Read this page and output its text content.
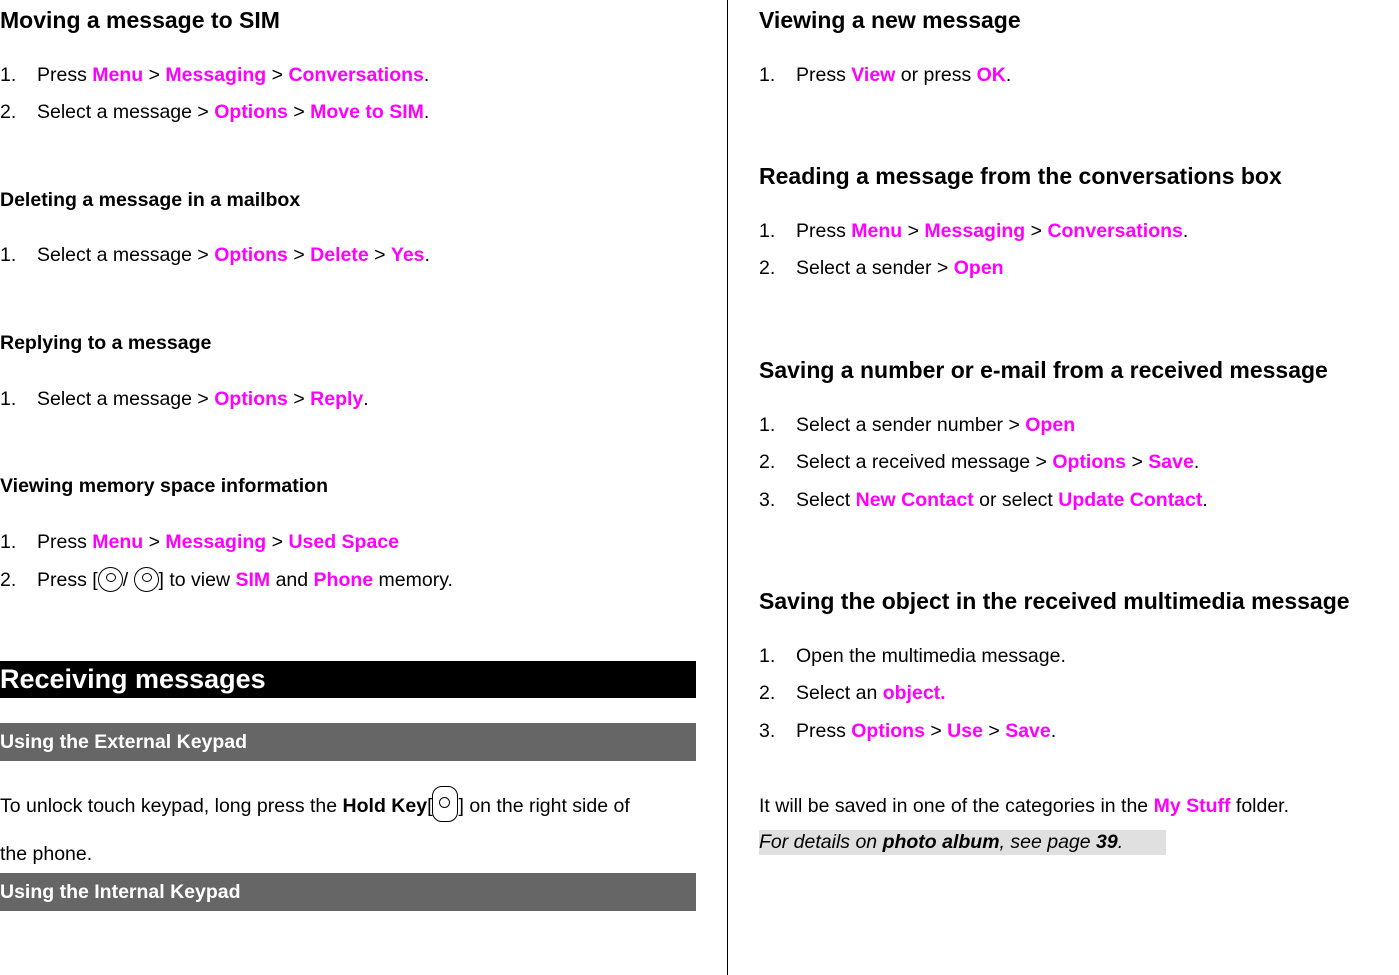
Moving a message to SIM
1. Press Menu > Messaging > Conversations.
2. Select a message > Options > Move to SIM.
Deleting a message in a mailbox
1. Select a message > Options > Delete > Yes.
Replying to a message
1. Select a message > Options > Reply.
Viewing memory space information
1. Press Menu > Messaging > Used Space
2. Press [ / ] to view SIM and Phone memory.
Receiving messages
Using the External Keypad
To unlock touch keypad, long press the Hold Key[ ] on the right side of
the phone.
Using the Internal Keypad
Viewing a new message
1. Press View or press OK.
Reading a message from the conversations box
1. Press Menu > Messaging > Conversations.
2. Select a sender > Open
Saving a number or e-mail from a received message
1. Select a sender number > Open
2. Select a received message > Options > Save.
3. Select New Contact or select Update Contact.
Saving the object in the received multimedia message
1. Open the multimedia message.
2. Select an object.
3. Press Options > Use > Save.
It will be saved in one of the categories in the My Stuff folder.
For details on photo album, see page 39.
